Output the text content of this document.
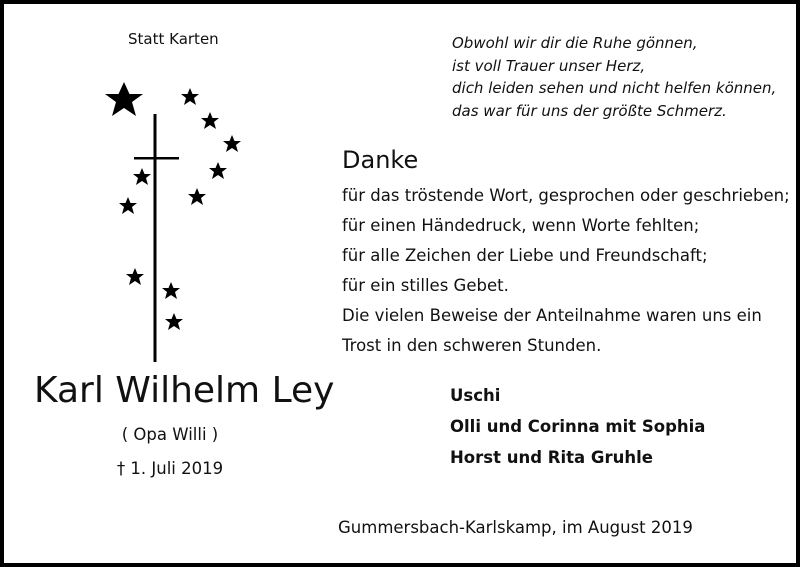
Statt Karten	Obwohl wir dir die Ruhe gönnen,
ist voll Trauer unser Herz,
dich leiden sehen und nicht helfen können,
das war für uns der größte Schmerz.
Danke
für das tröstende Wort, gesprochen oder geschrieben;
für einen Händedruck, wenn Worte fehlten;
für alle Zeichen der Liebe und Freundschaft;
für ein stilles Gebet.
Die vielen Beweise der Anteilnahme waren uns ein
Trost in den schweren Stunden.
Karl Wilhelm Ley
( Opa Willi )
† 1. Juli 2019
Uschi
Olli und Corinna mit Sophia
Horst und Rita Gruhle
Gummersbach-Karlskamp, im August 2019
